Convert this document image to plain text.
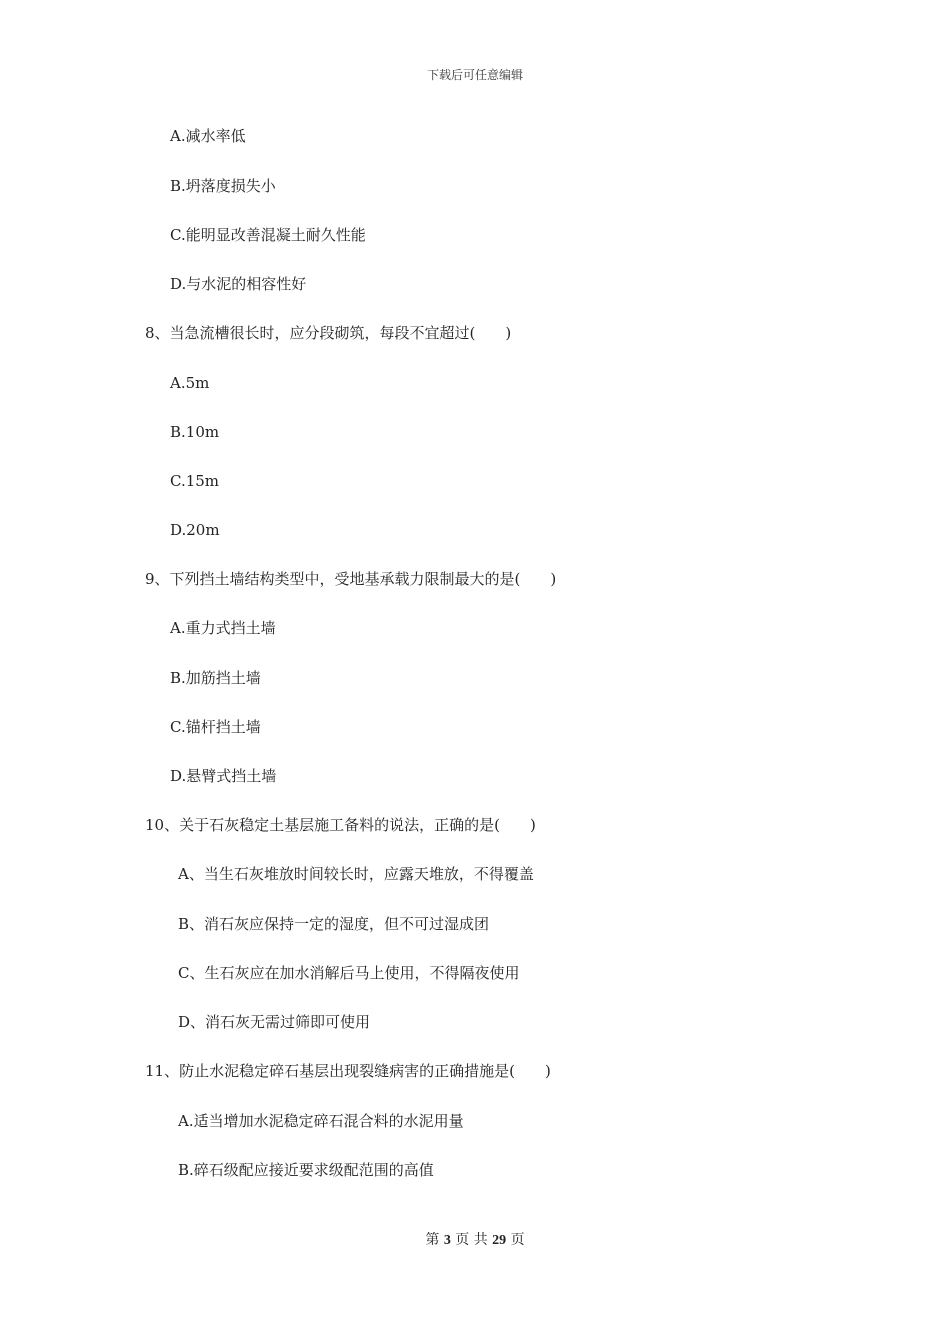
下载后可任意编辑
A.减水率低
B.坍落度损失小
C.能明显改善混凝土耐久性能
D.与水泥的相容性好
8、当急流槽很长时，应分段砌筑，每段不宜超过(　　)
A.5m
B.10m
C.15m
D.20m
9、下列挡土墙结构类型中，受地基承载力限制最大的是(　　)
A.重力式挡土墙
B.加筋挡土墙
C.锚杆挡土墙
D.悬臂式挡土墙
10、关于石灰稳定土基层施工备料的说法，正确的是(　　)
A、当生石灰堆放时间较长时，应露天堆放，不得覆盖
B、消石灰应保持一定的湿度，但不可过湿成团
C、生石灰应在加水消解后马上使用，不得隔夜使用
D、消石灰无需过筛即可使用
11、防止水泥稳定碎石基层出现裂缝病害的正确措施是(　　)
A.适当增加水泥稳定碎石混合料的水泥用量
B.碎石级配应接近要求级配范围的高值
第 3 页 共 29 页
